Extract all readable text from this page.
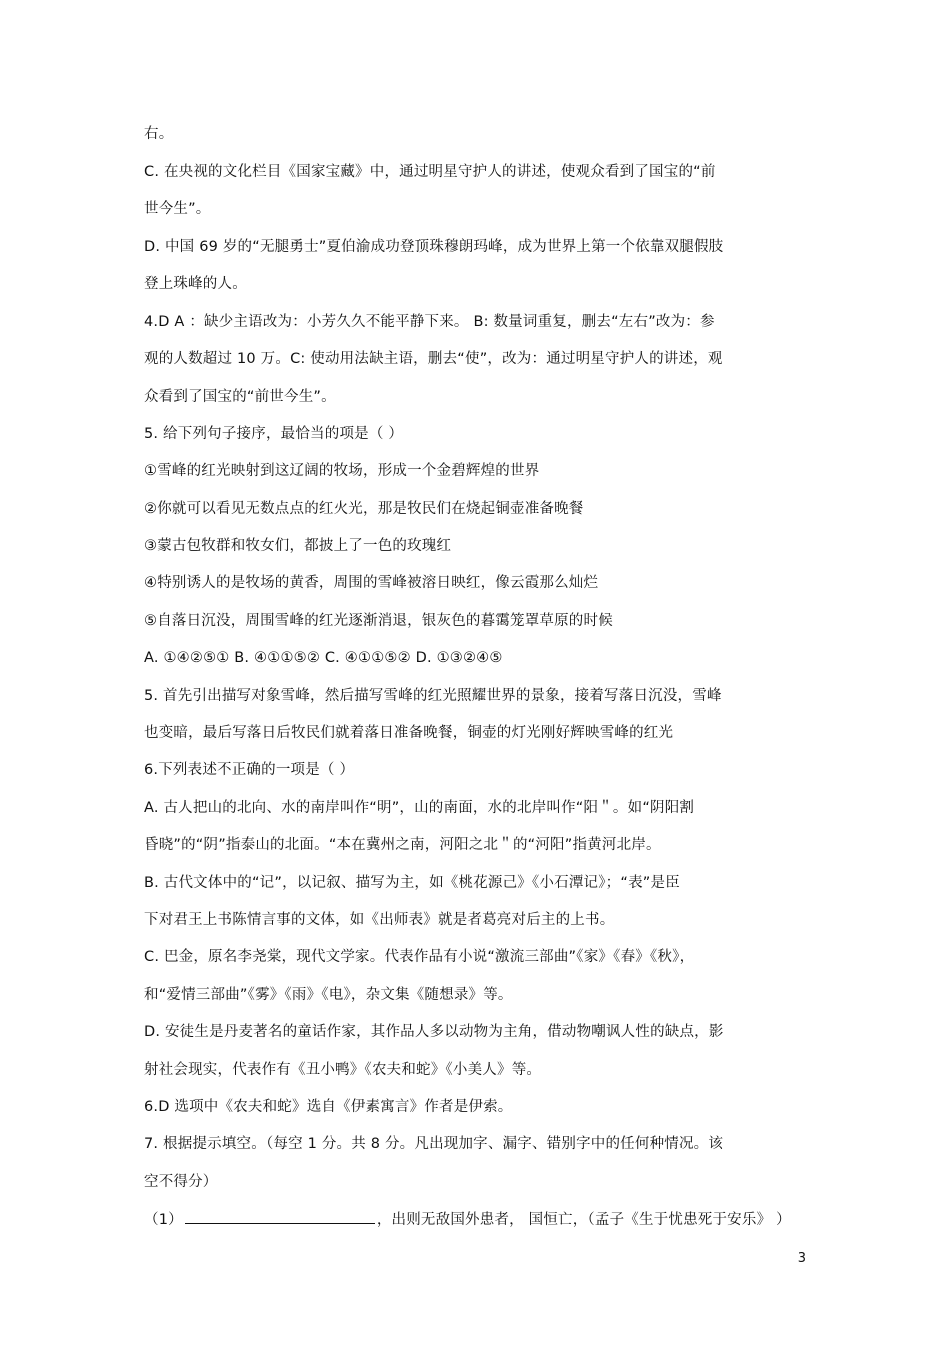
右。
C. 在央视的文化栏目《国家宝藏》中，通过明星守护人的讲述，使观众看到了国宝的“前
世今生”。
D. 中国 69 岁的“无腿勇士”夏伯渝成功登顶珠穆朗玛峰，成为世界上第一个依靠双腿假肢
登上珠峰的人。
4.D A ：缺少主语改为：小芳久久不能平静下来。 B: 数量词重复，删去“左右”改为：参
观的人数超过 10 万。C: 使动用法缺主语，删去“使”，改为：通过明星守护人的讲述，观
众看到了国宝的“前世今生”。
5. 给下列句子接序，最恰当的项是（ ）
①雪峰的红光映射到这辽阔的牧场，形成一个金碧辉煌的世界
②你就可以看见无数点点的红火光，那是牧民们在烧起铜壶准备晚餐
③蒙古包牧群和牧女们，都披上了一色的玫瑰红
④特别诱人的是牧场的黄香，周围的雪峰被溶日映红，像云霞那么灿烂
⑤自落日沉没，周围雪峰的红光逐渐消退，银灰色的暮霭笼罩草原的时候
A. ①④②⑤① B. ④①①⑤② C. ④①①⑤② D. ①③②④⑤
5. 首先引出描写对象雪峰，然后描写雪峰的红光照耀世界的景象，接着写落日沉没，雪峰
也变暗，最后写落日后牧民们就着落日准备晚餐，铜壶的灯光刚好辉映雪峰的红光
6.下列表述不正确的一项是（ ）
A. 古人把山的北向、水的南岸叫作“明”，山的南面，水的北岸叫作“阳＂。如“阴阳割
昏晓”的“阴”指泰山的北面。“本在冀州之南，河阳之北＂的“河阳”指黄河北岸。
B. 古代文体中的“记”，以记叙、描写为主，如《桃花源己》《小石潭记》；“表”是臣
下对君王上书陈情言事的文体，如《出师表》就是者葛亮对后主的上书。
C. 巴金，原名李尧棠，现代文学家。代表作品有小说“激流三部曲”《家》《春》《秋》，
和“爱情三部曲”《雾》《雨》《电》，杂文集《随想录》等。
D. 安徒生是丹麦著名的童话作家，其作品人多以动物为主角，借动物嘲讽人性的缺点，影
射社会现实，代表作有《丑小鸭》《农夫和蛇》《小美人》等。
6.D 选项中《农夫和蛇》选自《伊素寓言》作者是伊索。
7. 根据提示填空。（每空 1 分。共 8 分。凡出现加字、漏字、错别字中的任何种情况。该
空不得分）
（1）	，出则无敌国外患者， 国恒亡，（孟子《生于忧患死于安乐》 ）
3
